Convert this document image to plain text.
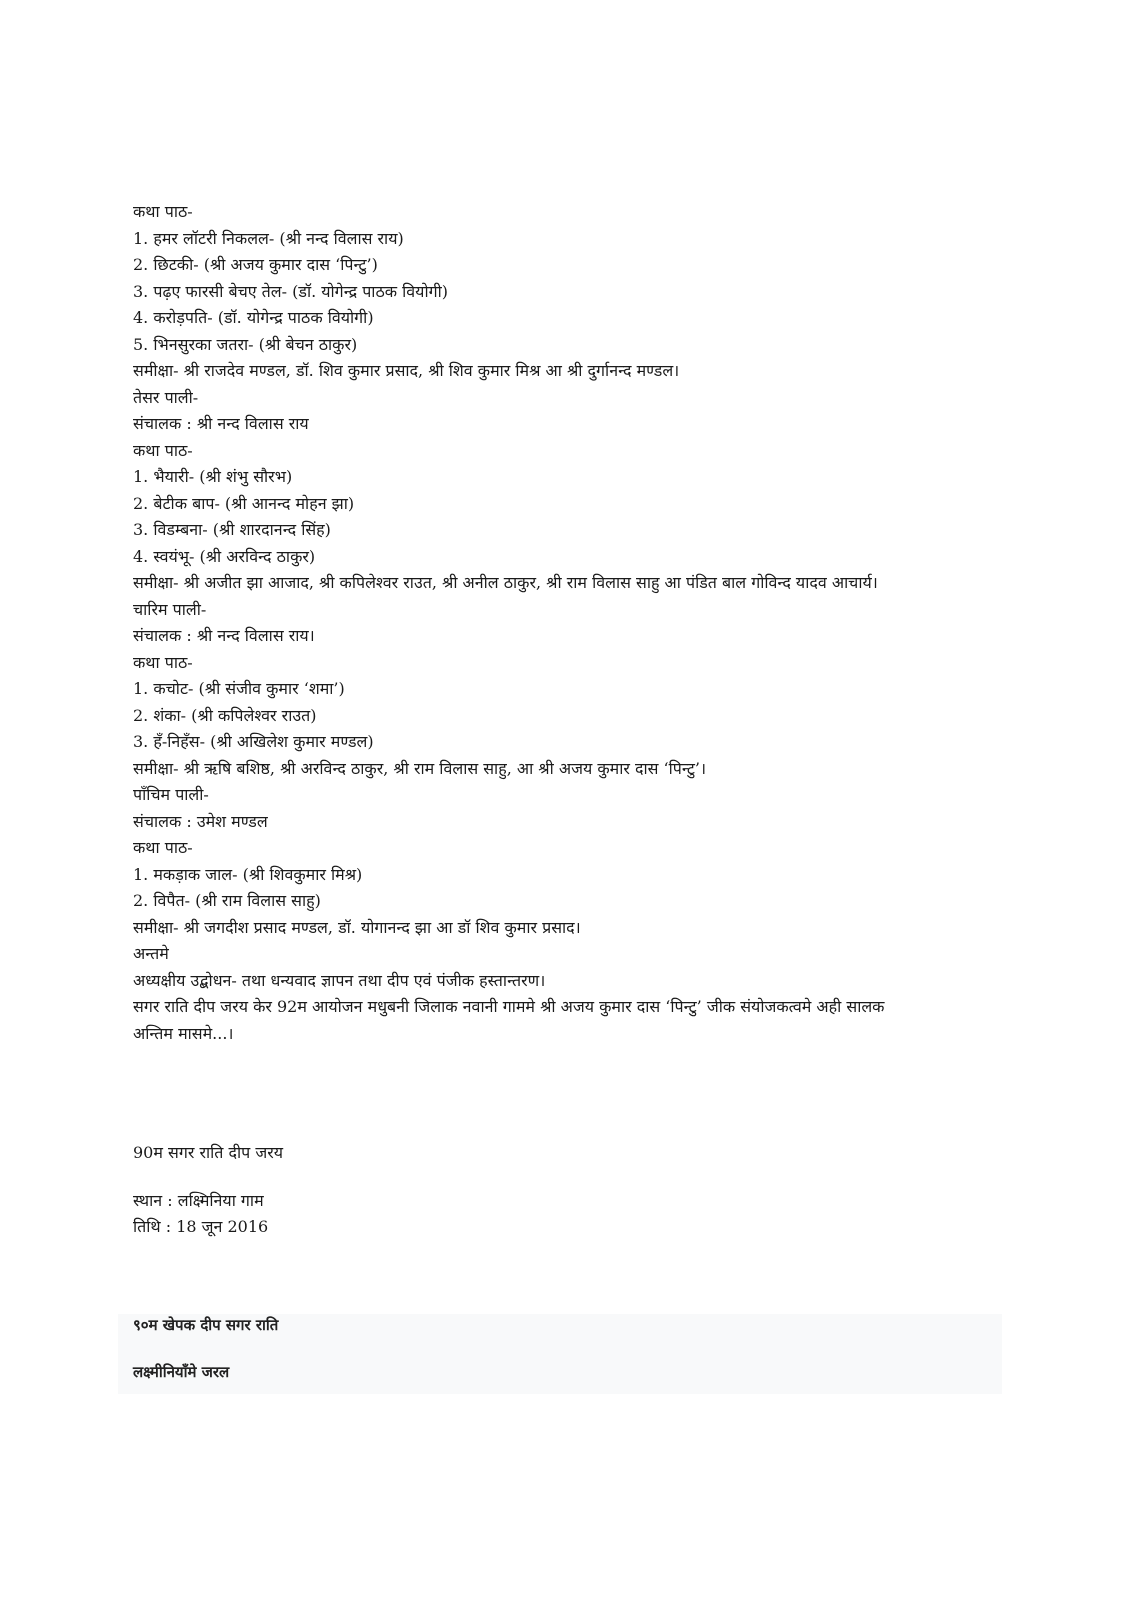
कथा पाठ-
1. हमर लॉटरी निकलल- (श्री नन्द विलास राय)
2. छिटकी- (श्री अजय कुमार दास ‘पिन्टु’)
3. पढ़ए फारसी बेचए तेल- (डॉ. योगेन्द्र पाठक वियोगी)
4. करोड़पति- (डॉ. योगेन्द्र पाठक वियोगी)
5. भिनसुरका जतरा- (श्री बेचन ठाकुर)
समीक्षा- श्री राजदेव मण्डल, डॉ. शिव कुमार प्रसाद, श्री शिव कुमार मिश्र आ श्री दुर्गानन्द मण्डल।
तेसर पाली-
संचालक : श्री नन्द विलास राय
कथा पाठ-
1. भैयारी- (श्री शंभु सौरभ)
2. बेटीक बाप- (श्री आनन्द मोहन झा)
3. विडम्बना- (श्री शारदानन्द सिंह)
4. स्वयंभू- (श्री अरविन्द ठाकुर)
समीक्षा- श्री अजीत झा आजाद, श्री कपिलेश्वर राउत, श्री अनील ठाकुर, श्री राम विलास साहु आ पंडित बाल गोविन्द यादव आचार्य।
चारिम पाली-
संचालक : श्री नन्द विलास राय।
कथा पाठ-
1. कचोट- (श्री संजीव कुमार ‘शमा’)
2. शंका- (श्री कपिलेश्वर राउत)
3. हँ-निहँस- (श्री अखिलेश कुमार मण्डल)
समीक्षा- श्री ऋषि बशिष्ठ, श्री अरविन्द ठाकुर, श्री राम विलास साहु, आ श्री अजय कुमार दास ‘पिन्टु’।
पाँचिम पाली-
संचालक : उमेश मण्डल
कथा पाठ-
1. मकड़ाक जाल- (श्री शिवकुमार मिश्र)
2. विपैत- (श्री राम विलास साहु)
समीक्षा- श्री जगदीश प्रसाद मण्डल, डॉ. योगानन्द झा आ डॉ शिव कुमार प्रसाद।
अन्तमे
अध्यक्षीय उद्बोधन- तथा धन्यवाद ज्ञापन तथा दीप एवं पंजीक हस्तान्तरण।
सगर राति दीप जरय केर 92म आयोजन मधुबनी जिलाक नवानी गाममे श्री अजय कुमार दास ‘पिन्टु’ जीक संयोजकत्वमे अही सालक
अन्तिम मासमे...।
90म सगर राति दीप जरय
स्थान : लक्ष्मिनिया गाम
तिथि : 18 जून 2016
९०म खेपक दीप सगर राति
लक्ष्मीनियाँमे जरल
